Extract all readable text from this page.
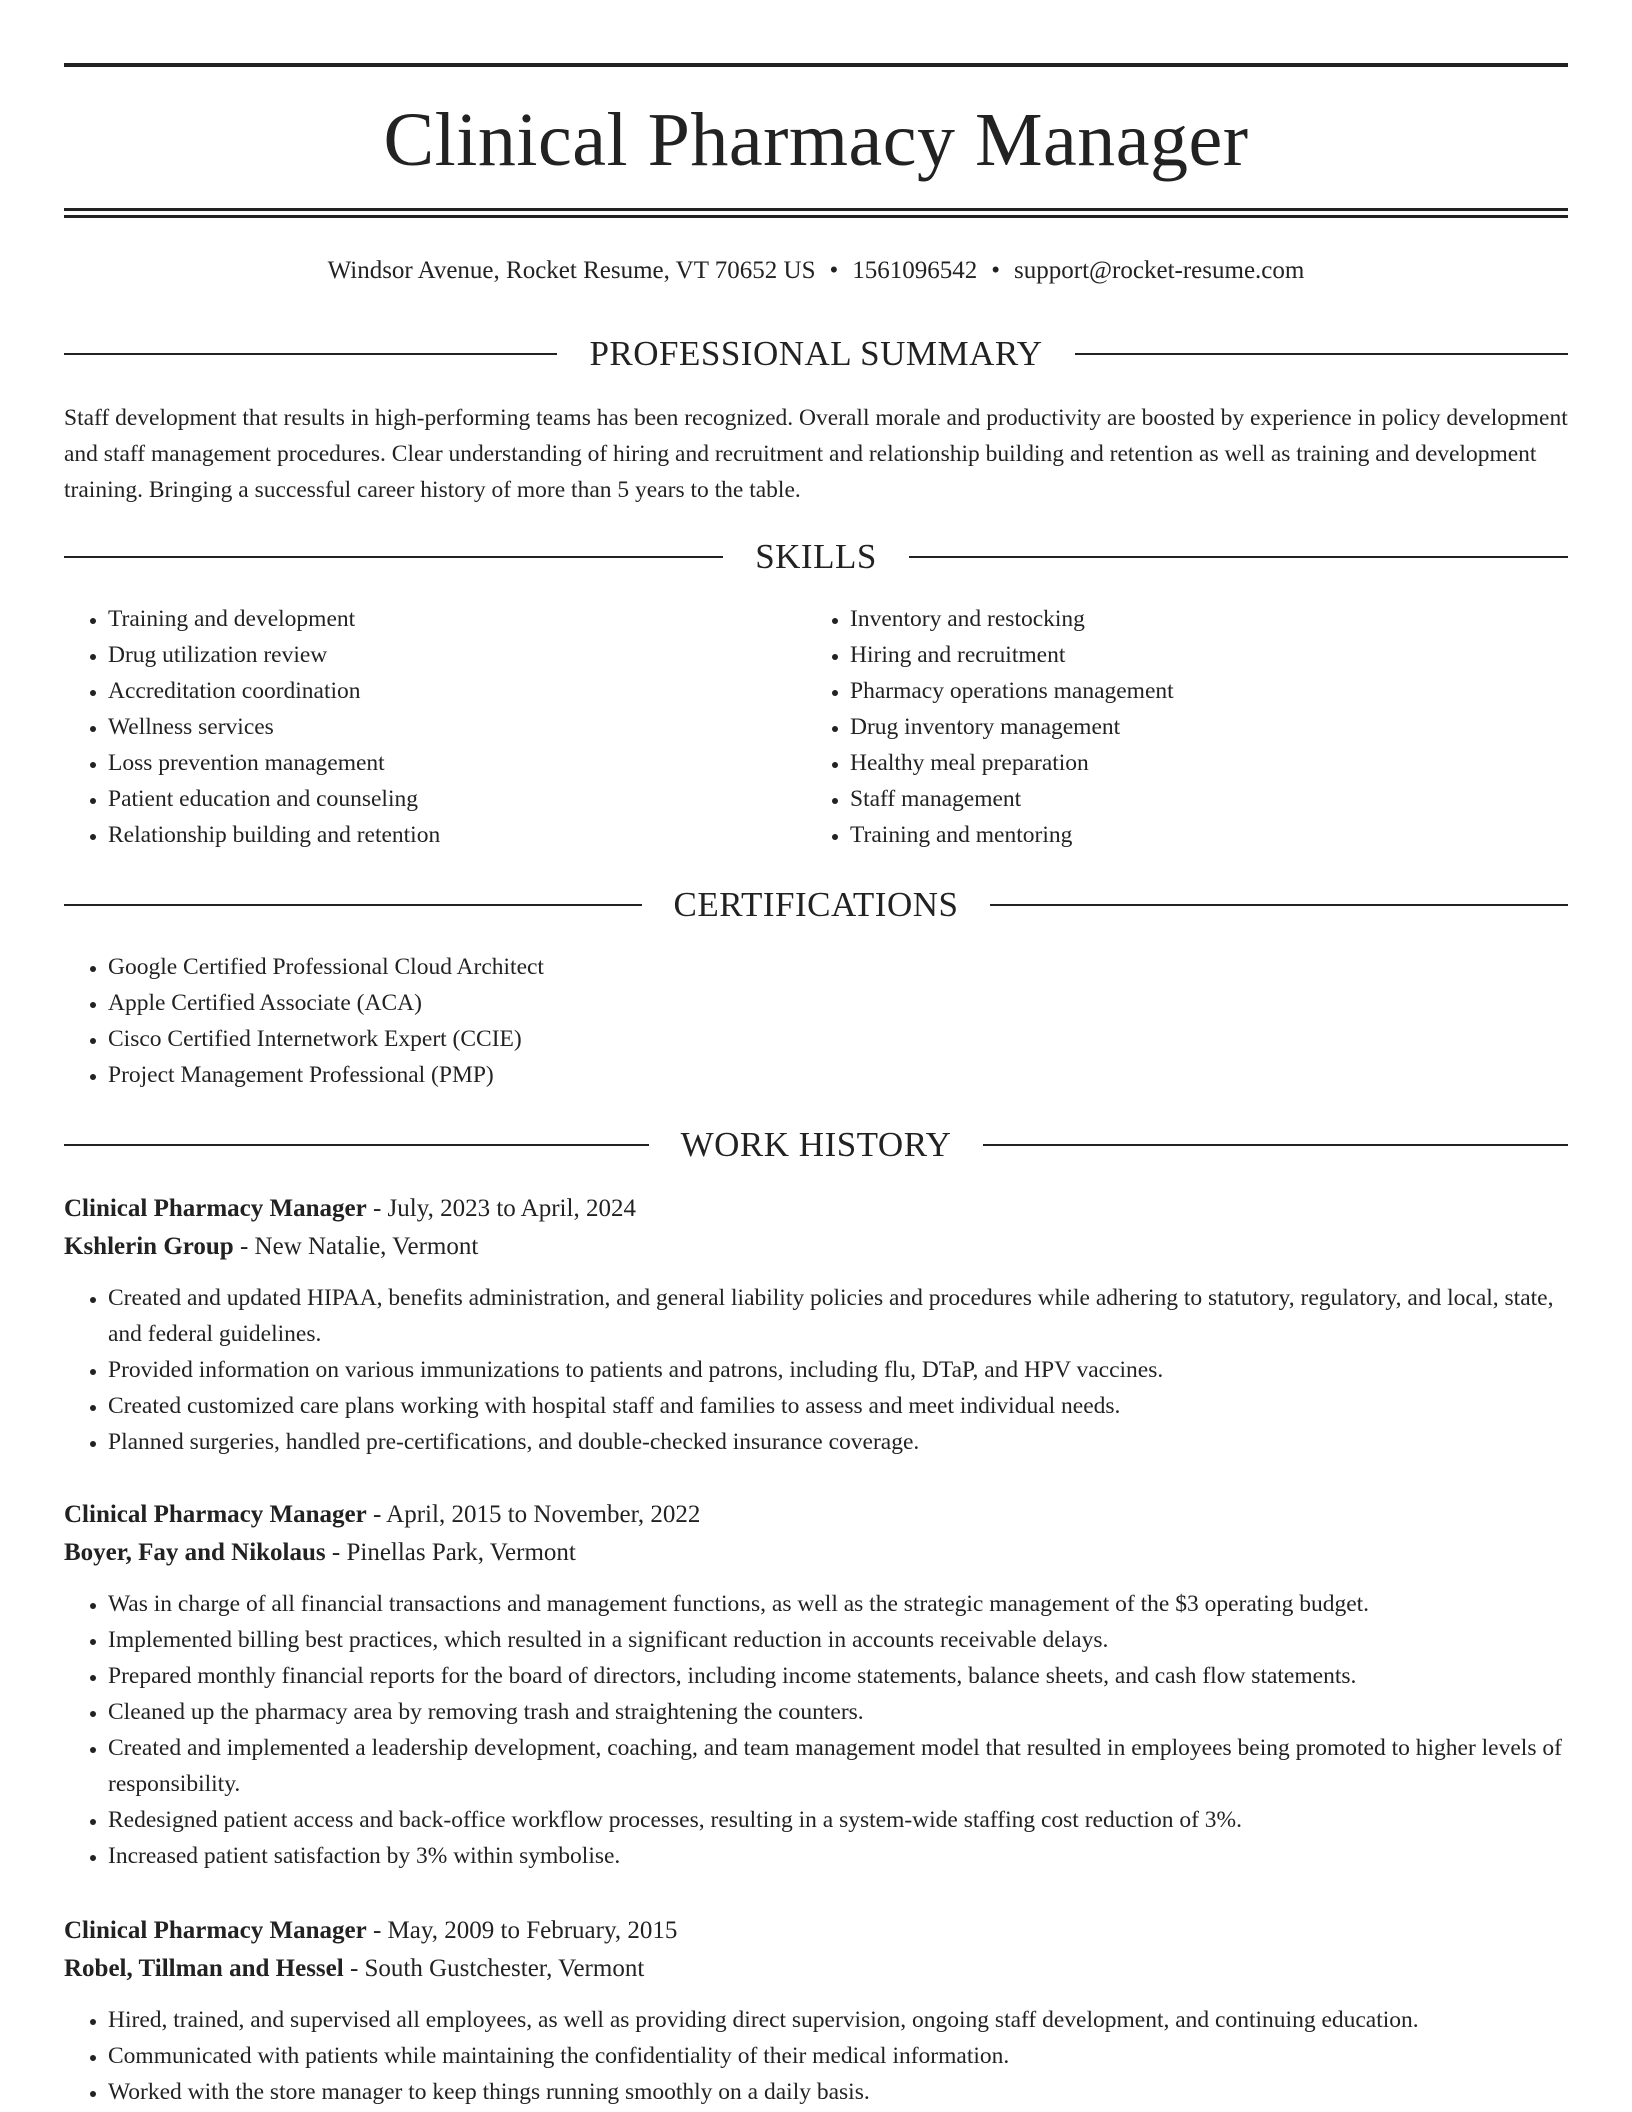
Clinical Pharmacy Manager
Windsor Avenue, Rocket Resume, VT 70652 US • 1561096542 • support@rocket-resume.com
PROFESSIONAL SUMMARY

Staff development that results in high-performing teams has been recognized. Overall morale and productivity are boosted by experience in policy development and staff management procedures. Clear understanding of hiring and recruitment and relationship building and retention as well as training and development training. Bringing a successful career history of more than 5 years to the table.

SKILLS
• Training and development
• Drug utilization review
• Accreditation coordination
• Wellness services
• Loss prevention management
• Patient education and counseling
• Relationship building and retention
• Inventory and restocking
• Hiring and recruitment
• Pharmacy operations management
• Drug inventory management
• Healthy meal preparation
• Staff management
• Training and mentoring
CERTIFICATIONS
• Google Certified Professional Cloud Architect
• Apple Certified Associate (ACA)
• Cisco Certified Internetwork Expert (CCIE)
• Project Management Professional (PMP)
WORK HISTORY
Clinical Pharmacy Manager - July, 2023 to April, 2024
Kshlerin Group - New Natalie, Vermont
• Created and updated HIPAA, benefits administration, and general liability policies and procedures while adhering to statutory, regulatory, and local, state, and federal guidelines.
• Provided information on various immunizations to patients and patrons, including flu, DTaP, and HPV vaccines.
• Created customized care plans working with hospital staff and families to assess and meet individual needs.
• Planned surgeries, handled pre-certifications, and double-checked insurance coverage.
Clinical Pharmacy Manager - April, 2015 to November, 2022
Boyer, Fay and Nikolaus - Pinellas Park, Vermont
• Was in charge of all financial transactions and management functions, as well as the strategic management of the $3 operating budget.
• Implemented billing best practices, which resulted in a significant reduction in accounts receivable delays.
• Prepared monthly financial reports for the board of directors, including income statements, balance sheets, and cash flow statements.
• Cleaned up the pharmacy area by removing trash and straightening the counters.
• Created and implemented a leadership development, coaching, and team management model that resulted in employees being promoted to higher levels of responsibility.
• Redesigned patient access and back-office workflow processes, resulting in a system-wide staffing cost reduction of 3%.
• Increased patient satisfaction by 3% within symbolise.
Clinical Pharmacy Manager - May, 2009 to February, 2015
Robel, Tillman and Hessel - South Gustchester, Vermont
• Hired, trained, and supervised all employees, as well as providing direct supervision, ongoing staff development, and continuing education.
• Communicated with patients while maintaining the confidentiality of their medical information.
• Worked with the store manager to keep things running smoothly on a daily basis.
